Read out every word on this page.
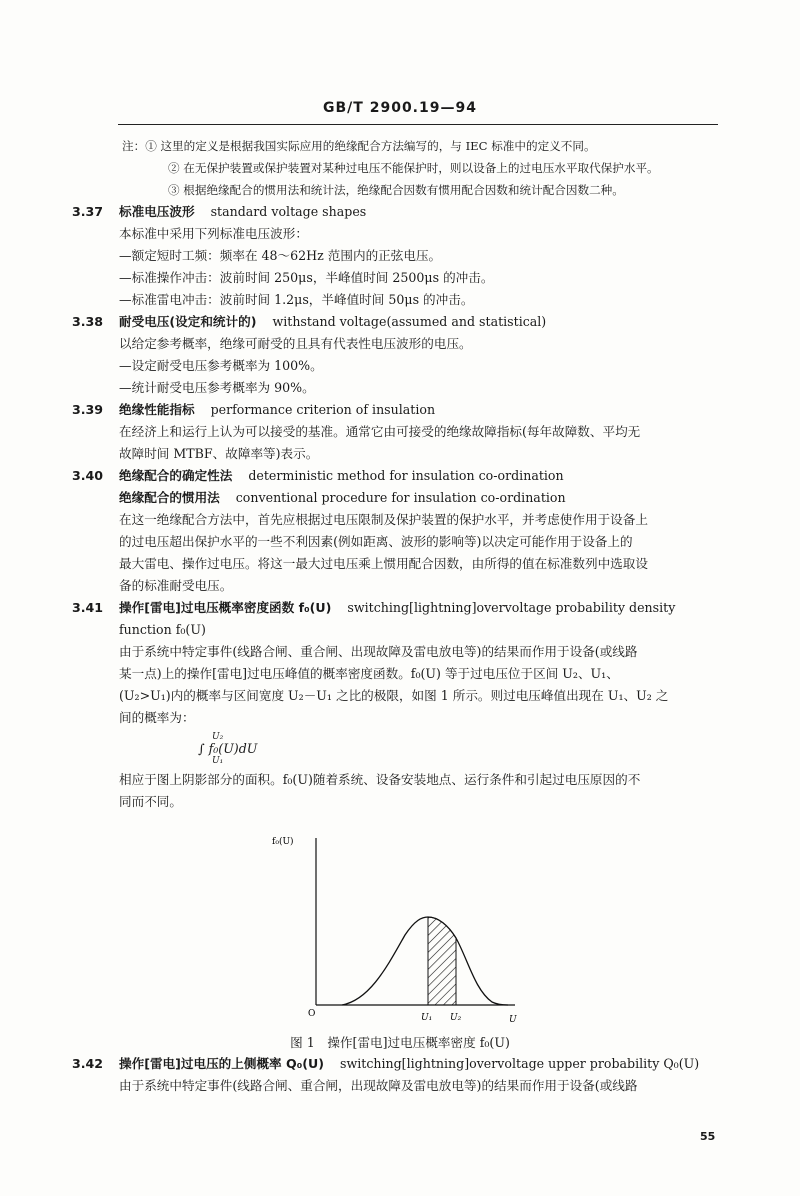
GB/T 2900.19—94

注：① 这里的定义是根据我国实际应用的绝缘配合方法编写的，与 IEC 标准中的定义不同。

② 在无保护装置或保护装置对某种过电压不能保护时，则以设备上的过电压水平取代保护水平。

③ 根据绝缘配合的惯用法和统计法，绝缘配合因数有惯用配合因数和统计配合因数二种。

3.37	标准电压波形 standard voltage shapes

本标准中采用下列标准电压波形：

—额定短时工频：频率在 48～62Hz 范围内的正弦电压。

—标准操作冲击：波前时间 250μs，半峰值时间 2500μs 的冲击。

—标准雷电冲击：波前时间 1.2μs，半峰值时间 50μs 的冲击。

3.38	耐受电压(设定和统计的) withstand voltage(assumed and statistical)

以给定参考概率，绝缘可耐受的且具有代表性电压波形的电压。

—设定耐受电压参考概率为 100%。

—统计耐受电压参考概率为 90%。

3.39	绝缘性能指标 performance criterion of insulation

在经济上和运行上认为可以接受的基准。通常它由可接受的绝缘故障指标(每年故障数、平均无

故障时间 MTBF、故障率等)表示。

3.40	绝缘配合的确定性法 deterministic method for insulation co-ordination

绝缘配合的惯用法 conventional procedure for insulation co-ordination

在这一绝缘配合方法中，首先应根据过电压限制及保护装置的保护水平，并考虑使作用于设备上

的过电压超出保护水平的一些不利因素(例如距离、波形的影响等)以决定可能作用于设备上的

最大雷电、操作过电压。将这一最大过电压乘上惯用配合因数，由所得的值在标准数列中选取设

备的标准耐受电压。

3.41	操作[雷电]过电压概率密度函数 f₀(U) switching[lightning]overvoltage probability density

function f₀(U)

由于系统中特定事件(线路合闸、重合闸、出现故障及雷电放电等)的结果而作用于设备(或线路

某一点)上的操作[雷电]过电压峰值的概率密度函数。f₀(U) 等于过电压位于区间 U₂、U₁、

(U₂>U₁)内的概率与区间宽度 U₂－U₁ 之比的极限，如图 1 所示。则过电压峰值出现在 U₁、U₂ 之

间的概率为：

U₂
U₁
∫ f₀(U)dU

相应于图上阴影部分的面积。f₀(U)随着系统、设备安装地点、运行条件和引起过电压原因的不

同而不同。

f₀(U)
O	U₁ U₂	U
图 1　操作[雷电]过电压概率密度 f₀(U)

3.42	操作[雷电]过电压的上侧概率 Q₀(U) switching[lightning]overvoltage upper probability Q₀(U)

由于系统中特定事件(线路合闸、重合闸，出现故障及雷电放电等)的结果而作用于设备(或线路

55
